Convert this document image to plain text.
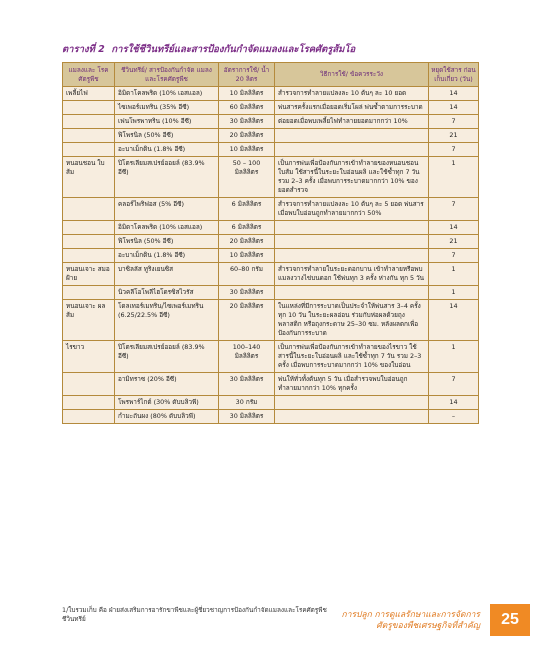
ตารางที่ 2 การใช้ชีวินทรีย์และสารป้องกันกำจัดแมลงและโรคศัตรูส้มโอ
แมลงและ โรคศัตรูพืช	ชีวินทรีย์/ สารป้องกันกำจัด แมลงและโรคศัตรูพืช	อัตราการใช้/ น้ำ 20 ลิตร	วิธีการใช้/ ข้อควรระวัง	หยุดใช้สาร ก่อนเก็บเกี่ยว (วัน)
เพลี้ยไฟ	อิมิดาโคลพริด (10% เอสแอล)	10 มิลลิลิตร	สำรวจการทำลายแปลงละ 10 ต้นๆ ละ 10 ยอด	14
	ไซเพอร์เมทริน (35% อีซี)	60 มิลลิลิตร	พ่นสารครั้งแรกเมื่อยอดเริ่มโผล่ พ่นซ้ำตามการระบาด	14
	เฟนโพรพาทริน (10% อีซี)	30 มิลลิลิตร	ต่อยอดเมื่อพบเพลี้ยไฟทำลายยอดมากกว่า 10%	7
	ฟิโพรนิล (50% อีซี)	20 มิลลิลิตร		21
	อะบาเม็กติน (1.8% อีซี)	10 มิลลิลิตร		7
หนอนชอน ใบส้ม	ปิโตรเลียมสเปรย์ออยล์ (83.9% อีซี)	50 – 100 มิลลิลิตร	เป็นการพ่นเพื่อป้องกันการเข้าทำลายของหนอนชอนใบส้ม ใช้สารนี้ในระยะใบอ่อนผลิ และใช้ซ้ำทุก 7 วัน รวม 2–3 ครั้ง เมื่อพบการระบาดมากกว่า 10% ของยอดสำรวจ	1
	คลอร์ไพริฟอส (5% อีซี)	6 มิลลิลิตร	สำรวจการทำลายแปลงละ 10 ต้นๆ ละ 5 ยอด พ่นสารเมื่อพบใบอ่อนถูกทำลายมากกว่า 50%	7
	อิมิดาโคลพริด (10% เอสแอล)	6 มิลลิลิตร		14
	ฟิโพรนิล (50% อีซี)	20 มิลลิลิตร		21
	อะบาเม็กติน (1.8% อีซี)	10 มิลลิลิตร		7
หนอนเจาะ สมอฝ้าย	บาซิลลัส ทูริงเยนซิส	60–80 กรัม	สำรวจการทำลายในระยะดอกบาน เข้าทำลายหรือพบแมลงวางไข่บนดอก ใช้พ่นทุก 3 ครั้ง ห่างกัน ทุก 5 วัน	1
	นิวคลีโอโพลีไฮโดรซิสไวรัส	30 มิลลิลิตร		1
หนอนเจาะ ผลส้ม	โดลเทอร์เมทริน/ไซเพอร์เมทริน (6.25/22.5% อีซี)	20 มิลลิลิตร	ในแหล่งที่มีการระบาดเป็นประจำให้พ่นสาร 3–4 ครั้ง ทุก 10 วัน ในระยะผลอ่อน ร่วมกับห่อผลด้วยถุงพลาสติก หรือถุงกระดาษ 25–30 ซม. หลังผลตกเพื่อป้องกันการระบาด	14
ไรขาว	ปิโตรเลียมสเปรย์ออยล์ (83.9% อีซี)	100–140 มิลลิลิตร	เป็นการพ่นเพื่อป้องกันการเข้าทำลายของไรขาว ใช้สารนี้ในระยะใบอ่อนผลิ และใช้ซ้ำทุก 7 วัน รวม 2–3 ครั้ง เมื่อพบการระบาดมากกว่า 10% ของใบอ่อน	1
	อามิทราซ (20% อีซี)	30 มิลลิลิตร	พ่นให้ทั่วทั้งต้นทุก 5 วัน เมื่อสำรวจพบใบอ่อนถูกทำลายมากกว่า 10% ทุกครั้ง	7
	โพรพาร์ไกต์ (30% ดับบลิวพี)	30 กรัม		14
	กำมะถันผง (80% ดับบลิวพี)	30 มิลลิลิตร		–
1/ใบรวมเก็บ คือ ฝ่ายส่งเสริมการอารักขาพืชและผู้ชี่ยวชาญการป้องกันกำจัดแมลงและโรคศัตรูพืช
ชีวินทรีย์	การปลูก การดูแลรักษาและการจัดการ
ศัตรูของพืชเศรษฐกิจที่สำคัญ	25
